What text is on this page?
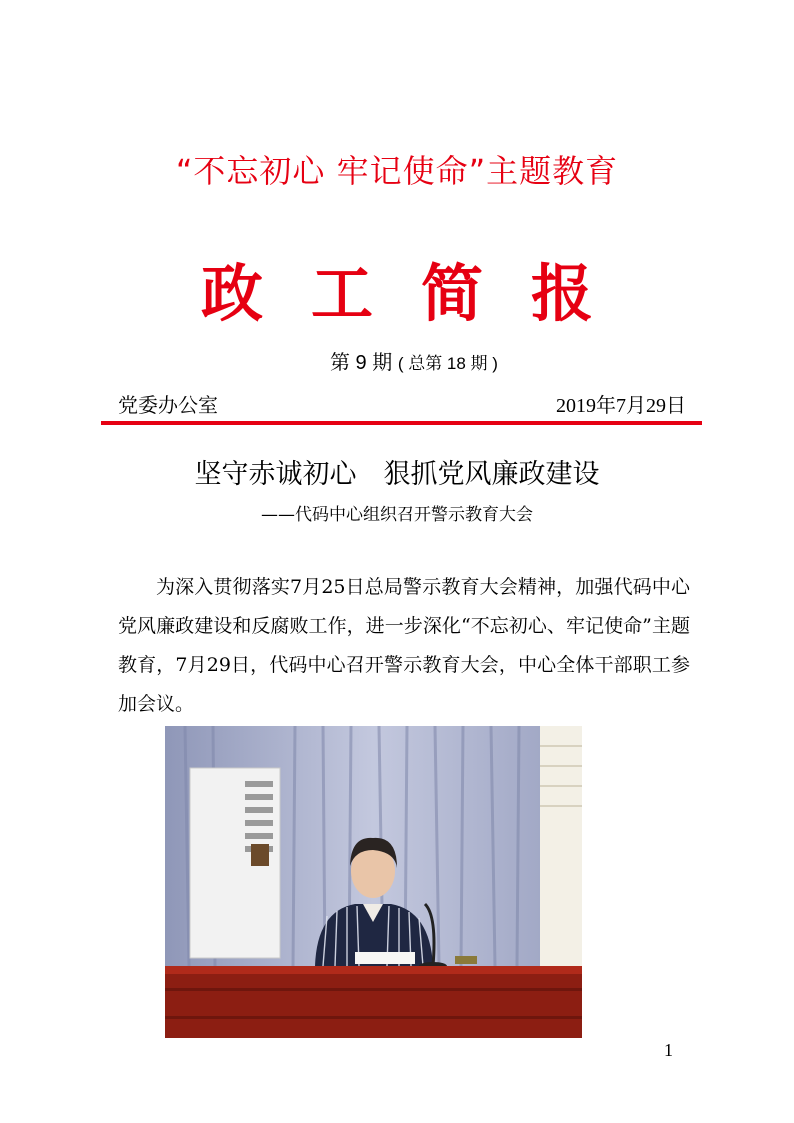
“不忘初心 牢记使命”主题教育
政工简报
第 9 期 ( 总第 18 期 )
党委办公室	2019年7月29日
坚守赤诚初心　狠抓党风廉政建设
——代码中心组织召开警示教育大会
为深入贯彻落实7月25日总局警示教育大会精神，加强代码中心党风廉政建设和反腐败工作，进一步深化“不忘初心、牢记使命”主题教育，7月29日，代码中心召开警示教育大会，中心全体干部职工参加会议。
1
